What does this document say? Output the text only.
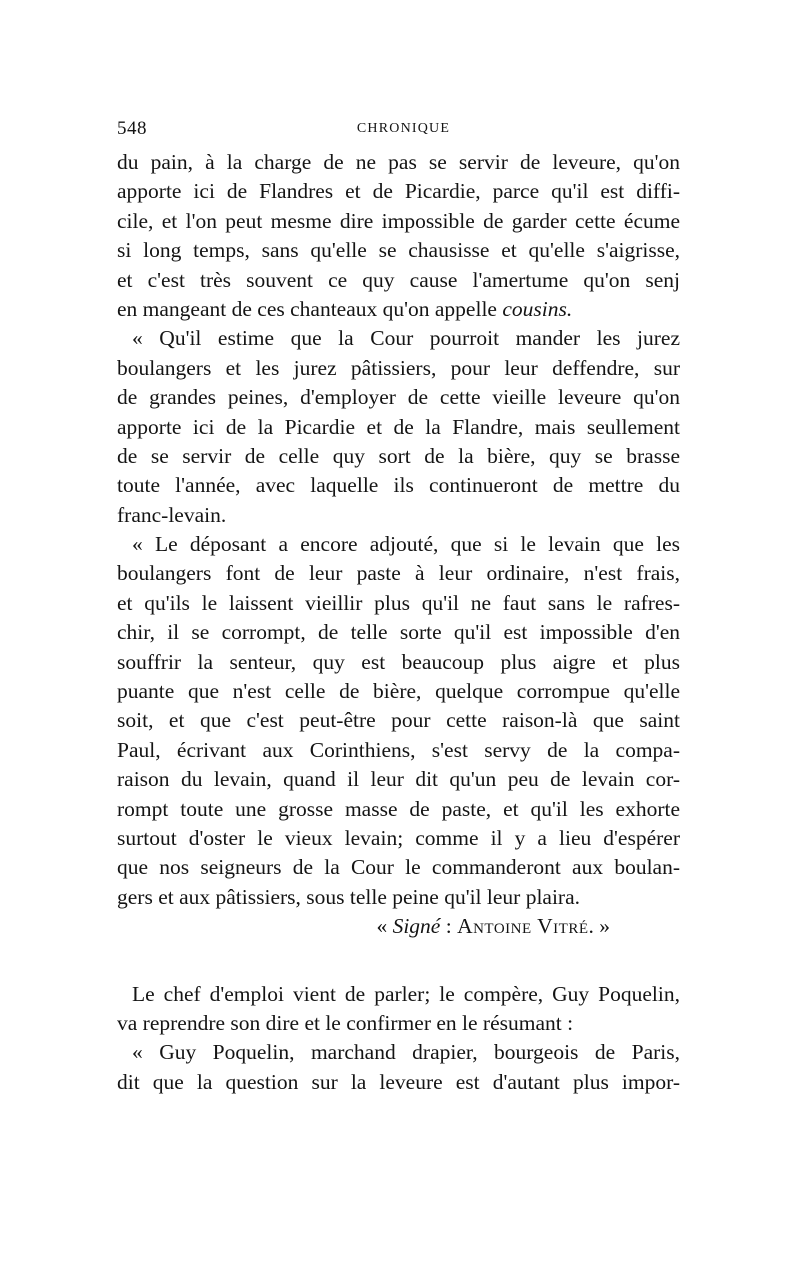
548	CHRONIQUE
du pain, à la charge de ne pas se servir de leveure, qu'on
apporte ici de Flandres et de Picardie, parce qu'il est diffi-
cile, et l'on peut mesme dire impossible de garder cette écume
si long temps, sans qu'elle se chausisse et qu'elle s'aigrisse,
et c'est très souvent ce quy cause l'amertume qu'on senj
en mangeant de ces chanteaux qu'on appelle cousins.
« Qu'il estime que la Cour pourroit mander les jurez
boulangers et les jurez pâtissiers, pour leur deffendre, sur
de grandes peines, d'employer de cette vieille leveure qu'on
apporte ici de la Picardie et de la Flandre, mais seullement
de se servir de celle quy sort de la bière, quy se brasse
toute l'année, avec laquelle ils continueront de mettre du
franc-levain.
« Le déposant a encore adjouté, que si le levain que les
boulangers font de leur paste à leur ordinaire, n'est frais,
et qu'ils le laissent vieillir plus qu'il ne faut sans le rafres-
chir, il se corrompt, de telle sorte qu'il est impossible d'en
souffrir la senteur, quy est beaucoup plus aigre et plus
puante que n'est celle de bière, quelque corrompue qu'elle
soit, et que c'est peut-être pour cette raison-là que saint
Paul, écrivant aux Corinthiens, s'est servy de la compa-
raison du levain, quand il leur dit qu'un peu de levain cor-
rompt toute une grosse masse de paste, et qu'il les exhorte
surtout d'oster le vieux levain; comme il y a lieu d'espérer
que nos seigneurs de la Cour le commanderont aux boulan-
gers et aux pâtissiers, sous telle peine qu'il leur plaira.
« Signé : Antoine Vitré. »
Le chef d'emploi vient de parler; le compère, Guy Poquelin,
va reprendre son dire et le confirmer en le résumant :
« Guy Poquelin, marchand drapier, bourgeois de Paris,
dit que la question sur la leveure est d'autant plus impor-
